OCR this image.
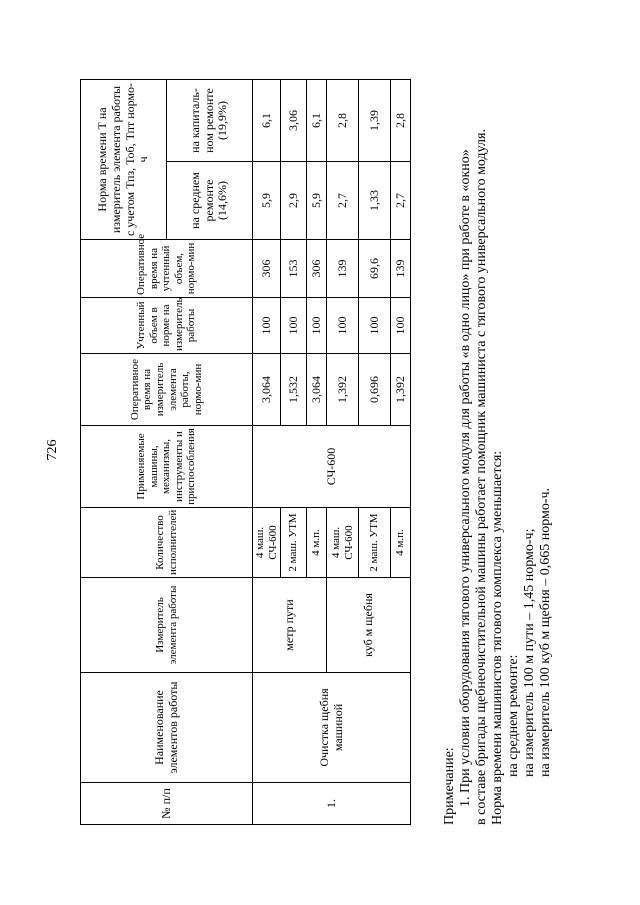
726
№ п/п	Наименование элементов работы	Измеритель элемента работы	Количество исполнителей	Применяемые машины, механизмы, инструменты и приспособления	Оперативное время на измеритель элемента работы, нормо-мин	Учтенный объем в норме на измеритель работы	Оперативное время на учтенный объем, нормо-мин	Норма времени Т на измеритель элемента работы с учетом Тпз, Тоб, Тпт нормо-ч	
								на среднем ремонте (14,6%)	на капиталь-ном ремонте (19,9%)
1.	Очистка щебня машиной	метр пути	4 маш. СЧ-600	СЧ-600	3,064	100	306	5,9	6,1
			2 маш. УТМ		1,532	100	153	2,9	3,06
			4 м.п.		3,064	100	306	5,9	6,1
		куб м щебня	4 маш. СЧ-600		1,392	100	139	2,7	2,8
			2 маш. УТМ		0,696	100	69,6	1,33	1,39
			4 м.п.		1,392	100	139	2,7	2,8

Примечание: 1. При условии оборудования тягового универсального модуля для работы «в одно лицо» при работе в «окно» в составе бригады щебнеочистительной машины работает помощник машиниста с тягового универсального модуля. Норма времени машинистов тягового комплекса уменьшается: на среднем ремонте: на измеритель 100 м пути – 1,45 нормо-ч; на измеритель 100 куб м щебня – 0,665 нормо-ч.
